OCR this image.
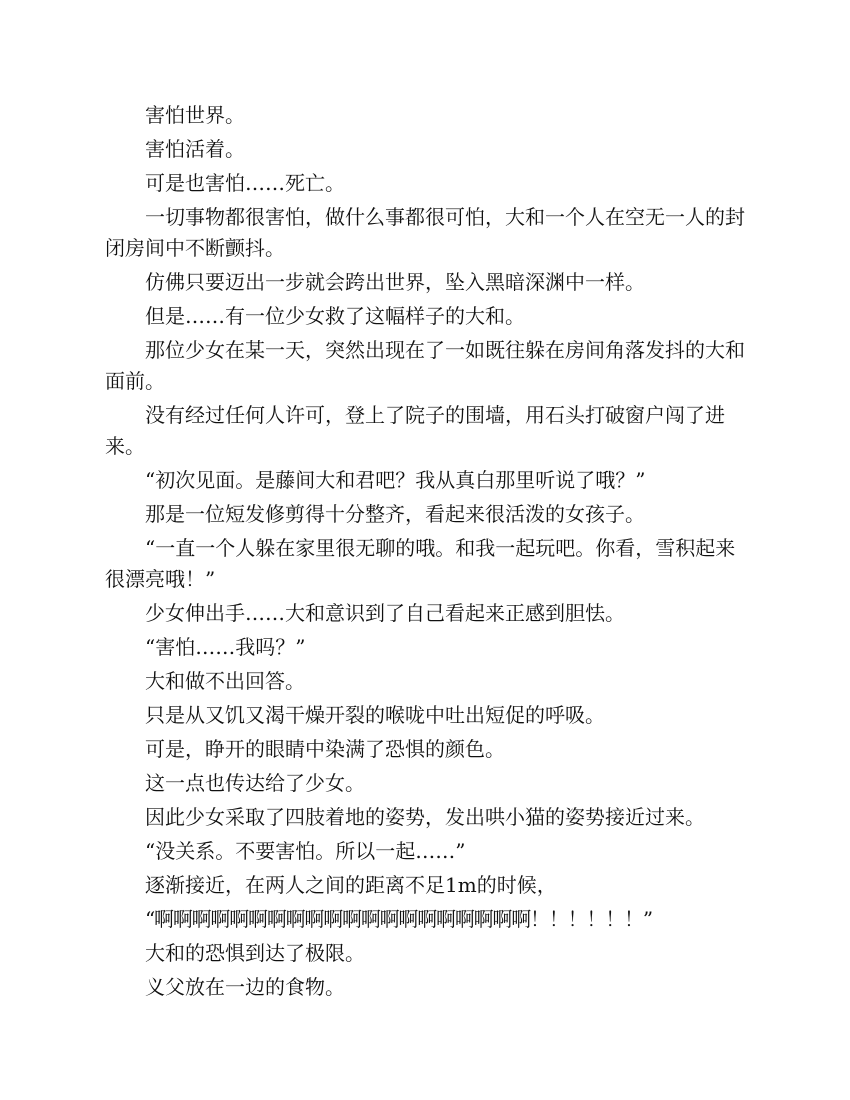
害怕世界。

害怕活着。

可是也害怕……死亡。

一切事物都很害怕，做什么事都很可怕，大和一个人在空无一人的封闭房间中不断颤抖。

仿佛只要迈出一步就会跨出世界，坠入黑暗深渊中一样。

但是……有一位少女救了这幅样子的大和。

那位少女在某一天，突然出现在了一如既往躲在房间角落发抖的大和面前。

没有经过任何人许可，登上了院子的围墙，用石头打破窗户闯了进来。

“初次见面。是藤间大和君吧？我从真白那里听说了哦？”

那是一位短发修剪得十分整齐，看起来很活泼的女孩子。

“一直一个人躲在家里很无聊的哦。和我一起玩吧。你看，雪积起来很漂亮哦！”

少女伸出手……大和意识到了自己看起来正感到胆怯。

“害怕……我吗？”

大和做不出回答。

只是从又饥又渴干燥开裂的喉咙中吐出短促的呼吸。

可是，睁开的眼睛中染满了恐惧的颜色。

这一点也传达给了少女。

因此少女采取了四肢着地的姿势，发出哄小猫的姿势接近过来。

“没关系。不要害怕。所以一起……”

逐渐接近，在两人之间的距离不足1m的时候，

“啊啊啊啊啊啊啊啊啊啊啊啊啊啊啊啊啊啊啊啊！！！！！！”

大和的恐惧到达了极限。

义父放在一边的食物。
